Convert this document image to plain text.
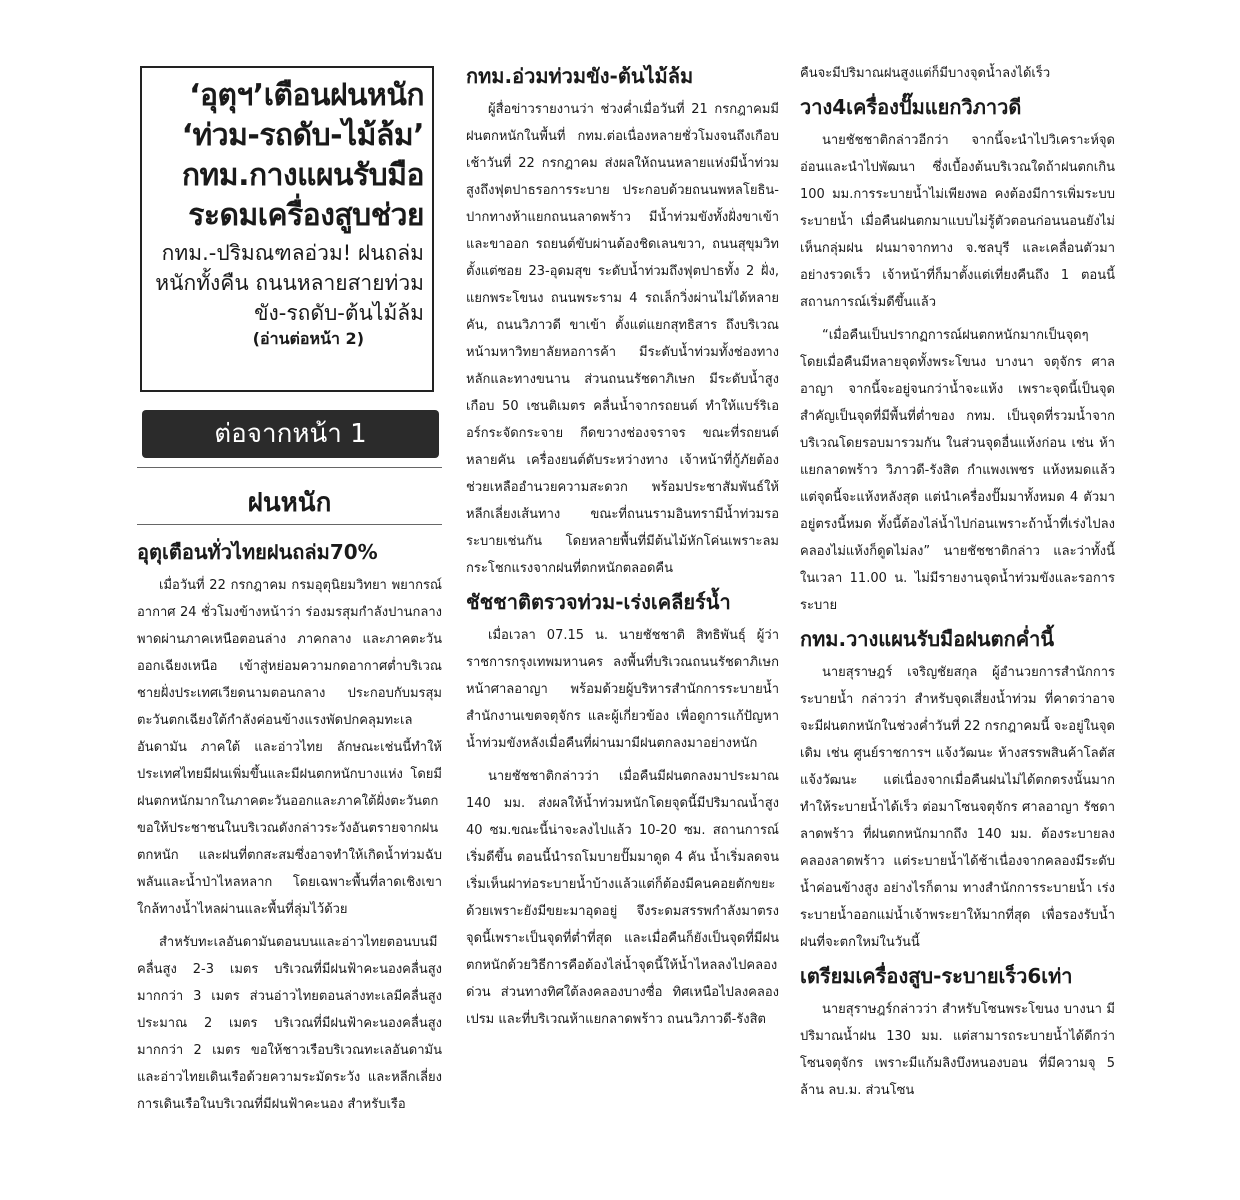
‘อุตุฯ’เตือนฝนหนัก

‘ท่วม-รถดับ-ไม้ล้ม’

กทม.กางแผนรับมือ

ระดมเครื่องสูบช่วย

กทม.-ปริมณฑลอ่วม! ฝนถล่มหนักทั้งคืน ถนนหลายสายท่วมขัง-รถดับ-ต้นไม้ล้ม

(อ่านต่อหน้า 2)
ต่อจากหน้า 1
ฝนหนัก

อุตุเตือนทั่วไทยฝนถล่ม70%

เมื่อวันที่ 22 กรกฎาคม กรมอุตุนิยมวิทยา พยากรณ์อากาศ 24 ชั่วโมงข้างหน้าว่า ร่องมรสุมกำลังปานกลางพาดผ่านภาคเหนือตอนล่าง ภาคกลาง และภาคตะวันออกเฉียงเหนือ เข้าสู่หย่อมความกดอากาศต่ำบริเวณชายฝั่งประเทศเวียดนามตอนกลาง ประกอบกับมรสุมตะวันตกเฉียงใต้กำลังค่อนข้างแรงพัดปกคลุมทะเลอันดามัน ภาคใต้ และอ่าวไทย ลักษณะเช่นนี้ทำให้ประเทศไทยมีฝนเพิ่มขึ้นและมีฝนตกหนักบางแห่ง โดยมีฝนตกหนักมากในภาคตะวันออกและภาคใต้ฝั่งตะวันตก ขอให้ประชาชนในบริเวณดังกล่าวระวังอันตรายจากฝนตกหนัก และฝนที่ตกสะสมซึ่งอาจทำให้เกิดน้ำท่วมฉับพลันและน้ำป่าไหลหลาก โดยเฉพาะพื้นที่ลาดเชิงเขาใกล้ทางน้ำไหลผ่านและพื้นที่ลุ่มไว้ด้วย

สำหรับทะเลอันดามันตอนบนและอ่าวไทยตอนบนมีคลื่นสูง 2-3 เมตร บริเวณที่มีฝนฟ้าคะนองคลื่นสูงมากกว่า 3 เมตร ส่วนอ่าวไทยตอนล่างทะเลมีคลื่นสูงประมาณ 2 เมตร บริเวณที่มีฝนฟ้าคะนองคลื่นสูงมากกว่า 2 เมตร ขอให้ชาวเรือบริเวณทะเลอันดามันและอ่าวไทยเดินเรือด้วยความระมัดระวัง และหลีกเลี่ยงการเดินเรือในบริเวณที่มีฝนฟ้าคะนอง สำหรับเรือ

กทม.อ่วมท่วมขัง-ต้นไม้ล้ม

ผู้สื่อข่าวรายงานว่า ช่วงค่ำเมื่อวันที่ 21 กรกฎาคมมีฝนตกหนักในพื้นที่ กทม.ต่อเนื่องหลายชั่วโมงจนถึงเกือบเช้าวันที่ 22 กรกฎาคม ส่งผลให้ถนนหลายแห่งมีน้ำท่วมสูงถึงฟุตปาธรอการระบาย ประกอบด้วยถนนพหลโยธิน-ปากทางห้าแยกถนนลาดพร้าว มีน้ำท่วมขังทั้งฝั่งขาเข้าและขาออก รถยนต์ขับผ่านต้องชิดเลนขวา, ถนนสุขุมวิท ตั้งแต่ซอย 23-อุดมสุข ระดับน้ำท่วมถึงฟุตปาธทั้ง 2 ฝั่ง, แยกพระโขนง ถนนพระราม 4 รถเล็กวิ่งผ่านไม่ได้หลายคัน, ถนนวิภาวดี ขาเข้า ตั้งแต่แยกสุทธิสาร ถึงบริเวณหน้ามหาวิทยาลัยหอการค้า มีระดับน้ำท่วมทั้งช่องทางหลักและทางขนาน ส่วนถนนรัชดาภิเษก มีระดับน้ำสูงเกือบ 50 เซนติเมตร คลื่นน้ำจากรถยนต์ ทำให้แบร์ริเออร์กระจัดกระจาย กีดขวางช่องจราจร ขณะที่รถยนต์หลายคัน เครื่องยนต์ดับระหว่างทาง เจ้าหน้าที่กู้ภัยต้องช่วยเหลืออำนวยความสะดวก พร้อมประชาสัมพันธ์ให้หลีกเลี่ยงเส้นทาง ขณะที่ถนนรามอินทรามีน้ำท่วมรอระบายเช่นกัน โดยหลายพื้นที่มีต้นไม้หักโค่นเพราะลมกระโชกแรงจากฝนที่ตกหนักตลอดคืน

ชัชชาติตรวจท่วม-เร่งเคลียร์น้ำ

เมื่อเวลา 07.15 น. นายชัชชาติ สิทธิพันธุ์ ผู้ว่าราชการกรุงเทพมหานคร ลงพื้นที่บริเวณถนนรัชดาภิเษก หน้าศาลอาญา พร้อมด้วยผู้บริหารสำนักการระบายน้ำ สำนักงานเขตจตุจักร และผู้เกี่ยวข้อง เพื่อดูการแก้ปัญหาน้ำท่วมขังหลังเมื่อคืนที่ผ่านมามีฝนตกลงมาอย่างหนัก

นายชัชชาติกล่าวว่า เมื่อคืนมีฝนตกลงมาประมาณ 140 มม. ส่งผลให้น้ำท่วมหนักโดยจุดนี้มีปริมาณน้ำสูง 40 ซม.ขณะนี้น่าจะลงไปแล้ว 10-20 ซม. สถานการณ์เริ่มดีขึ้น ตอนนี้นำรถโมบายปั๊มมาดูด 4 คัน น้ำเริ่มลดจนเริ่มเห็นฝาท่อระบายน้ำบ้างแล้วแต่ก็ต้องมีคนคอยตักขยะด้วยเพราะยังมีขยะมาอุดอยู่ จึงระดมสรรพกำลังมาตรงจุดนี้เพราะเป็นจุดที่ต่ำที่สุด และเมื่อคืนก็ยังเป็นจุดที่มีฝนตกหนักด้วยวิธีการคือต้องไล่น้ำจุดนี้ให้น้ำไหลลงไปคลองด่วน ส่วนทางทิศใต้ลงคลองบางซื่อ ทิศเหนือไปลงคลองเปรม และที่บริเวณห้าแยกลาดพร้าว ถนนวิภาวดี-รังสิต

คืนจะมีปริมาณฝนสูงแต่ก็มีบางจุดน้ำลงได้เร็ว

วาง4เครื่องปั๊มแยกวิภาวดี

นายชัชชาติกล่าวอีกว่า จากนี้จะนำไปวิเคราะห์จุดอ่อนและนำไปพัฒนา ซึ่งเบื้องต้นบริเวณใดถ้าฝนตกเกิน 100 มม.การระบายน้ำไม่เพียงพอ คงต้องมีการเพิ่มระบบระบายน้ำ เมื่อคืนฝนตกมาแบบไม่รู้ตัวตอนก่อนนอนยังไม่เห็นกลุ่มฝน ฝนมาจากทาง จ.ชลบุรี และเคลื่อนตัวมาอย่างรวดเร็ว เจ้าหน้าที่ก็มาตั้งแต่เที่ยงคืนถึง 1 ตอนนี้สถานการณ์เริ่มดีขึ้นแล้ว

“เมื่อคืนเป็นปรากฏการณ์ฝนตกหนักมากเป็นจุดๆ โดยเมื่อคืนมีหลายจุดทั้งพระโขนง บางนา จตุจักร ศาลอาญา จากนี้จะอยู่จนกว่าน้ำจะแห้ง เพราะจุดนี้เป็นจุดสำคัญเป็นจุดที่มีพื้นที่ต่ำของ กทม. เป็นจุดที่รวมน้ำจากบริเวณโดยรอบมารวมกัน ในส่วนจุดอื่นแห้งก่อน เช่น ห้าแยกลาดพร้าว วิภาวดี-รังสิต กำแพงเพชร แห้งหมดแล้ว แต่จุดนี้จะแห้งหลังสุด แต่นำเครื่องปั๊มมาทั้งหมด 4 ตัวมาอยู่ตรงนี้หมด ทั้งนี้ต้องไล่น้ำไปก่อนเพราะถ้าน้ำที่เร่งไปลงคลองไม่แห้งก็ดูดไม่ลง” นายชัชชาติกล่าว และว่าทั้งนี้ ในเวลา 11.00 น. ไม่มีรายงานจุดน้ำท่วมขังและรอการระบาย

กทม.วางแผนรับมือฝนตกค่ำนี้

นายสุราษฎร์ เจริญชัยสกุล ผู้อำนวยการสำนักการระบายน้ำ กล่าวว่า สำหรับจุดเสี่ยงน้ำท่วม ที่คาดว่าอาจจะมีฝนตกหนักในช่วงค่ำวันที่ 22 กรกฎาคมนี้ จะอยู่ในจุดเดิม เช่น ศูนย์ราชการฯ แจ้งวัฒนะ ห้างสรรพสินค้าโลตัส แจ้งวัฒนะ แต่เนื่องจากเมื่อคืนฝนไม่ได้ตกตรงนั้นมาก ทำให้ระบายน้ำได้เร็ว ต่อมาโซนจตุจักร ศาลอาญา รัชดา ลาดพร้าว ที่ฝนตกหนักมากถึง 140 มม. ต้องระบายลงคลองลาดพร้าว แต่ระบายน้ำได้ช้าเนื่องจากคลองมีระดับน้ำค่อนข้างสูง อย่างไรก็ตาม ทางสำนักการระบายน้ำ เร่งระบายน้ำออกแม่น้ำเจ้าพระยาให้มากที่สุด เพื่อรองรับน้ำฝนที่จะตกใหม่ในวันนี้

เตรียมเครื่องสูบ-ระบายเร็ว6เท่า

นายสุราษฎร์กล่าวว่า สำหรับโซนพระโขนง บางนา มีปริมาณน้ำฝน 130 มม. แต่สามารถระบายน้ำได้ดีกว่าโซนจตุจักร เพราะมีแก้มลิงบึงหนองบอน ที่มีความจุ 5 ล้าน ลบ.ม. ส่วนโซน
